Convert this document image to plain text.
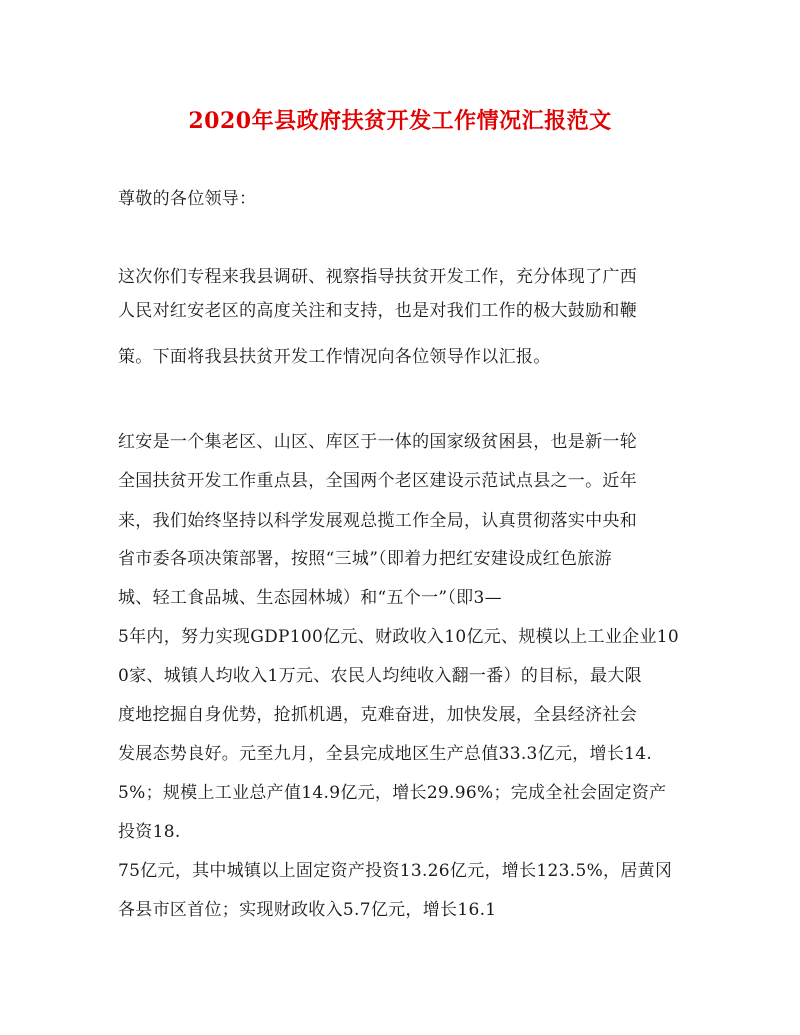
2020年县政府扶贫开发工作情况汇报范文
尊敬的各位领导：
这次你们专程来我县调研、视察指导扶贫开发工作，充分体现了广西
人民对红安老区的高度关注和支持，也是对我们工作的极大鼓励和鞭
策。下面将我县扶贫开发工作情况向各位领导作以汇报。
红安是一个集老区、山区、库区于一体的国家级贫困县，也是新一轮
全国扶贫开发工作重点县，全国两个老区建设示范试点县之一。近年
来，我们始终坚持以科学发展观总揽工作全局，认真贯彻落实中央和
省市委各项决策部署，按照“三城”（即着力把红安建设成红色旅游
城、轻工食品城、生态园林城）和“五个一”（即3—
5年内，努力实现GDP100亿元、财政收入10亿元、规模以上工业企业10
0家、城镇人均收入1万元、农民人均纯收入翻一番）的目标，最大限
度地挖掘自身优势，抢抓机遇，克难奋进，加快发展，全县经济社会
发展态势良好。元至九月，全县完成地区生产总值33.3亿元，增长14.
5%；规模上工业总产值14.9亿元，增长29.96%；完成全社会固定资产
投资18.
75亿元，其中城镇以上固定资产投资13.26亿元，增长123.5%，居黄冈
各县市区首位；实现财政收入5.7亿元，增长16.1
